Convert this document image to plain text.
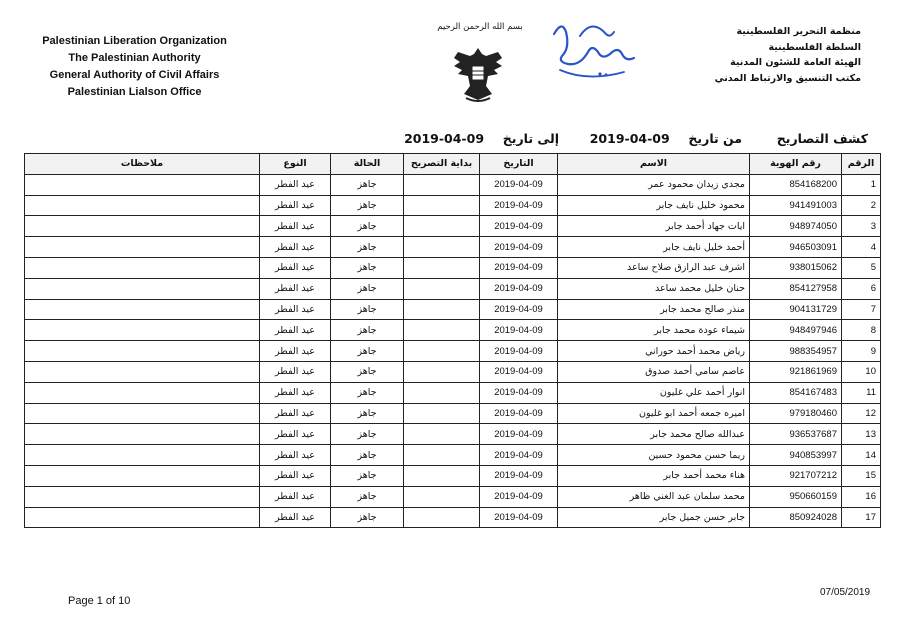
Palestinian Liberation Organization
The Palestinian Authority
General Authority of Civil Affairs
Palestinian Lialson Office
بسم الله الرحمن الرحيم	منظمة التحرير الفلسطينية
السلطة الفلسطينية
الهيئة العامة للشئون المدنية
مكتب التنسيق والارتباط المدني
كشف التصاريح  من تاريخ  2019-04-09  إلى تاريخ  2019-04-09
الرقم	رقم الهوية	الاسم	التاريخ	بداية التصريح	الحالة	النوع	ملاحظات
1	854168200	مجدي زيدان محمود عمر	2019-04-09		جاهز	عيد الفطر	
2	941491003	محمود خليل نايف جابر	2019-04-09		جاهز	عيد الفطر	
3	948974050	ايات جهاد أحمد جابر	2019-04-09		جاهز	عيد الفطر	
4	946503091	أحمد خليل نايف جابر	2019-04-09		جاهز	عيد الفطر	
5	938015062	اشرف عبد الرازق صلاح ساعد	2019-04-09		جاهز	عيد الفطر	
6	854127958	حنان خليل محمد ساعد	2019-04-09		جاهز	عيد الفطر	
7	904131729	منذر صالح محمد جابر	2019-04-09		جاهز	عيد الفطر	
8	948497946	شيماء عودة محمد جابر	2019-04-09		جاهز	عيد الفطر	
9	988354957	رياض محمد أحمد حوراني	2019-04-09		جاهز	عيد الفطر	
10	921861969	عاصم سامي أحمد صدوق	2019-04-09		جاهز	عيد الفطر	
11	854167483	انوار أحمد علي غليون	2019-04-09		جاهز	عيد الفطر	
12	979180460	اميره جمعه أحمد ابو غليون	2019-04-09		جاهز	عيد الفطر	
13	936537687	عبدالله صالح محمد جابر	2019-04-09		جاهز	عيد الفطر	
14	940853997	ريما حسن محمود حسين	2019-04-09		جاهز	عيد الفطر	
15	921707212	هناء محمد أحمد جابر	2019-04-09		جاهز	عيد الفطر	
16	950660159	محمد سلمان عبد الغني ظاهر	2019-04-09		جاهز	عيد الفطر	
17	850924028	جابر حسن جميل جابر	2019-04-09		جاهز	عيد الفطر	
Page 1 of 10
07/05/2019
